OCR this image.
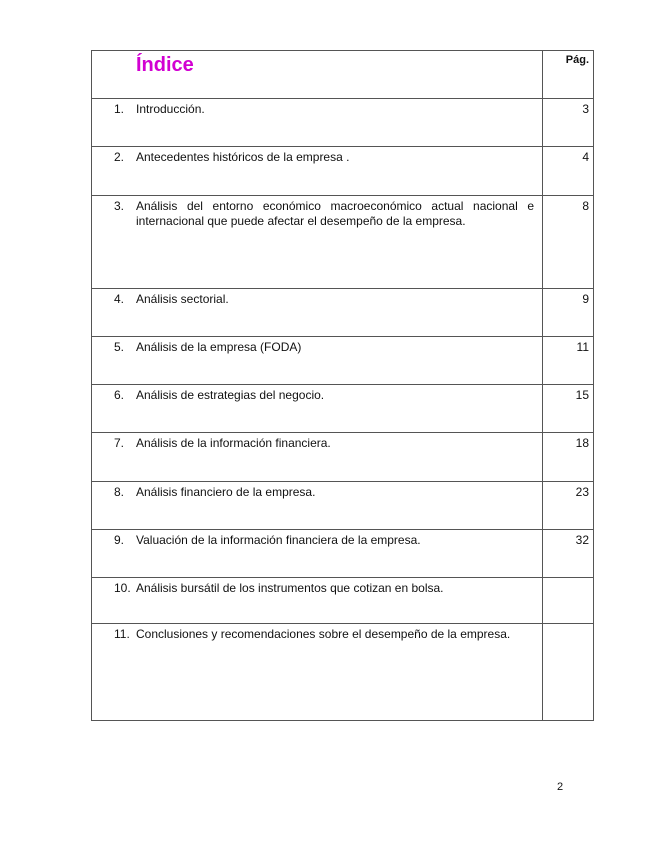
Índice	Pág.

1. Introducción.	3

2. Antecedentes históricos de la empresa .	4

3. Análisis del entorno económico macroeconómico actual nacional e internacional que puede afectar el desempeño de la empresa.	8

4. Análisis sectorial.	9

5. Análisis de la empresa (FODA)	11

6. Análisis de estrategias del negocio.	15

7. Análisis de la información financiera.	18

8. Análisis financiero de la empresa.	23

9. Valuación de la información financiera de la empresa.	32

10. Análisis bursátil de los instrumentos que cotizan en bolsa.	

11. Conclusiones y recomendaciones sobre el desempeño de la empresa.	

2
